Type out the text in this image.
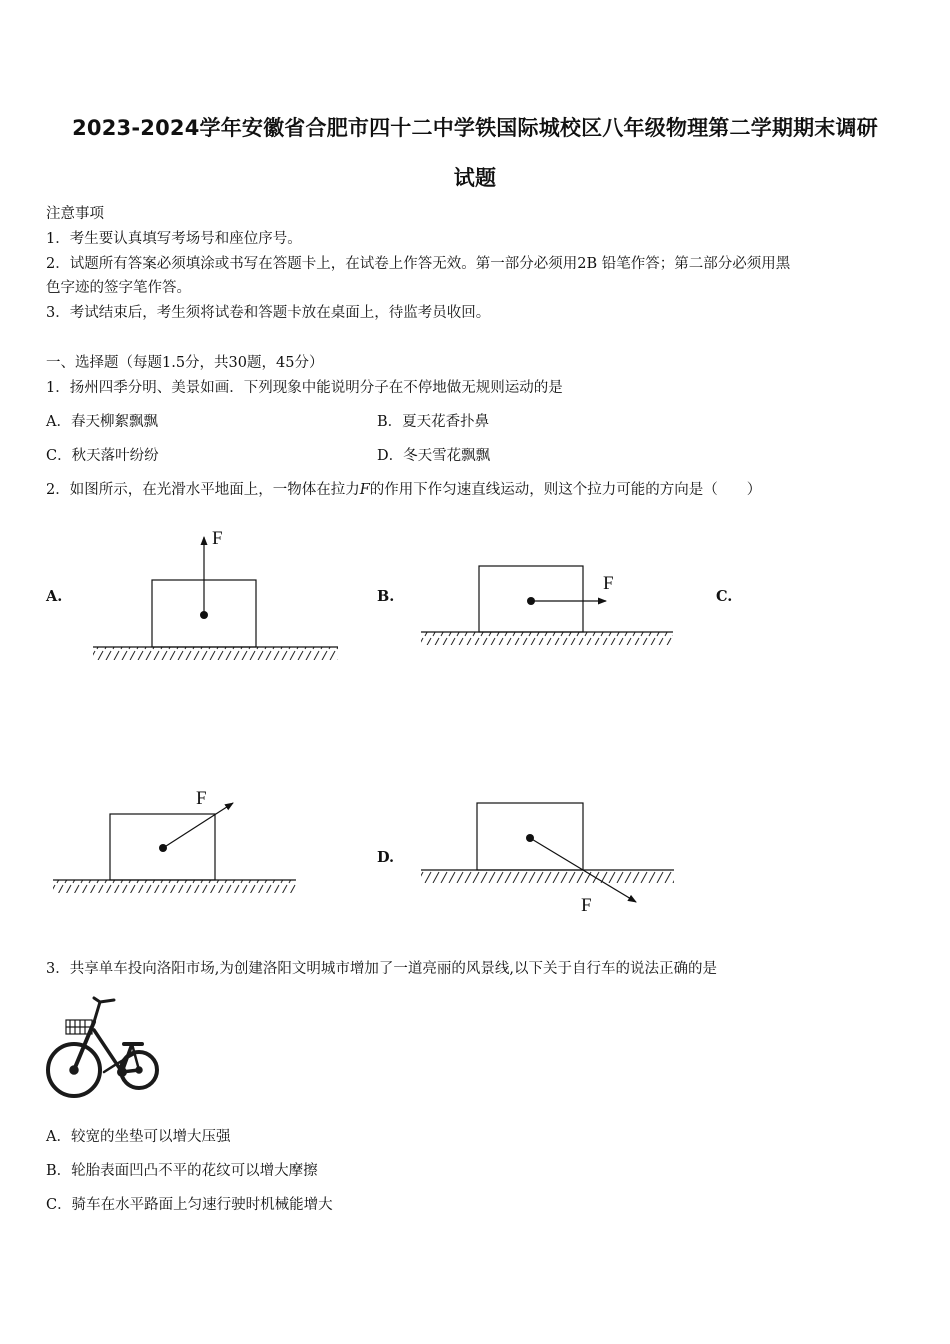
2023-2024学年安徽省合肥市四十二中学铁国际城校区八年级物理第二学期期末调研
试题
注意事项
1．考生要认真填写考场号和座位序号。
2．试题所有答案必须填涂或书写在答题卡上，在试卷上作答无效。第一部分必须用2B 铅笔作答；第二部分必须用黑
色字迹的签字笔作答。
3．考试结束后，考生须将试卷和答题卡放在桌面上，待监考员收回。
一、选择题（每题1.5分，共30题，45分）
1．扬州四季分明、美景如画．下列现象中能说明分子在不停地做无规则运动的是
A．春天柳絮飘飘	B．夏天花香扑鼻
C．秋天落叶纷纷	D．冬天雪花飘飘
2．如图所示，在光滑水平地面上，一物体在拉力F的作用下作匀速直线运动，则这个拉力可能的方向是（　　）
A.	B.	C.
D.
F
F
F
F
3．共享单车投向洛阳市场,为创建洛阳文明城市增加了一道亮丽的风景线,以下关于自行车的说法正确的是
A．较宽的坐垫可以增大压强
B．轮胎表面凹凸不平的花纹可以增大摩擦
C．骑车在水平路面上匀速行驶时机械能增大
